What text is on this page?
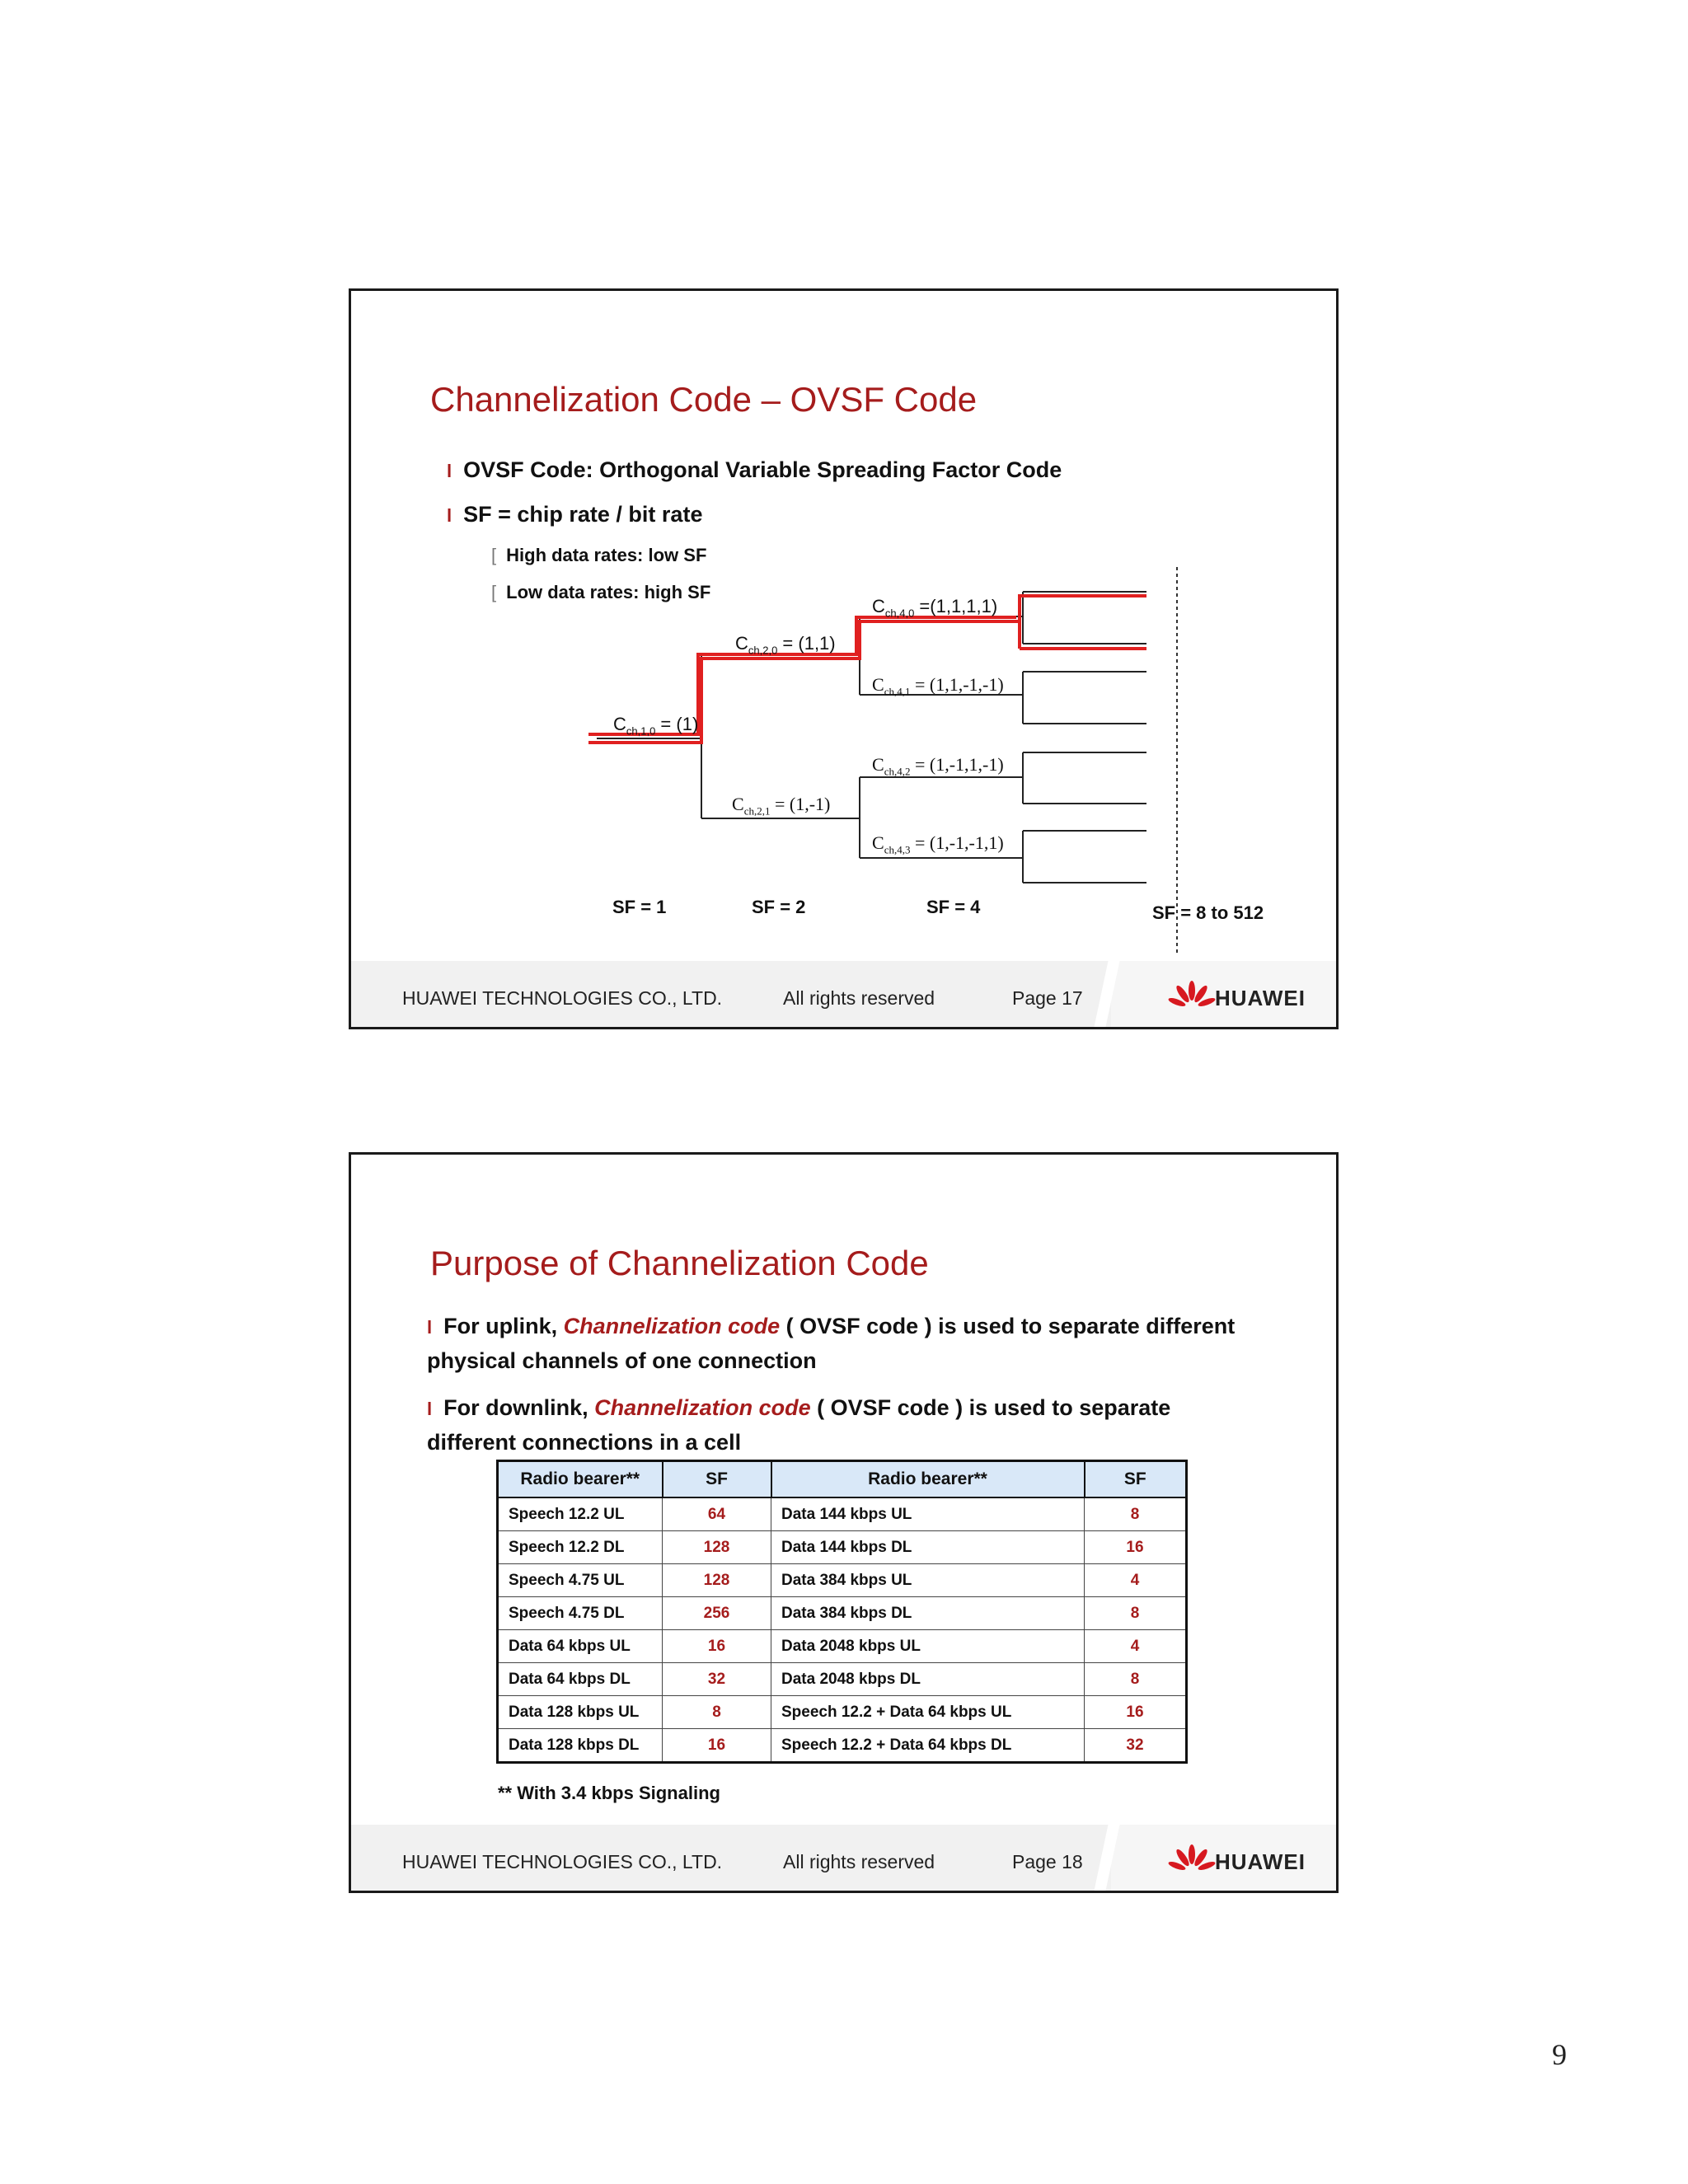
Channelization Code – OVSF Code
l OVSF Code: Orthogonal Variable Spreading Factor Code
l SF = chip rate / bit rate
[ High data rates: low SF
[ Low data rates: high SF
$C_{ch,1,0} = (1)$
$C_{ch,2,0} = (1,1)$
$C_{ch,2,1} = (1,-1)$
$C_{ch,4,0} =(1,1,1,1)$
$C_{ch,4,1} = (1,1,-1,-1)$
$C_{ch,4,2} = (1,-1,1,-1)$
$C_{ch,4,3} = (1,-1,-1,1)$
SF = 1	SF = 2	SF = 4	SF = 8 to 512
HUAWEI TECHNOLOGIES CO., LTD.	All rights reserved	Page 17	HUAWEI
Purpose of Channelization Code
l For uplink, Channelization code ( OVSF code ) is used to separate different physical channels of one connection
l For downlink, Channelization code ( OVSF code ) is used to separate different connections in a cell
Radio bearer**	SF	Radio bearer**	SF
Speech 12.2 UL	64	Data 144 kbps UL	8
Speech 12.2 DL	128	Data 144 kbps DL	16
Speech 4.75 UL	128	Data 384 kbps UL	4
Speech 4.75 DL	256	Data 384 kbps DL	8
Data 64 kbps UL	16	Data 2048 kbps UL	4
Data 64 kbps DL	32	Data 2048 kbps DL	8
Data 128 kbps UL	8	Speech 12.2 + Data 64 kbps UL	16
Data 128 kbps DL	16	Speech 12.2 + Data 64 kbps DL	32
** With 3.4 kbps Signaling
HUAWEI TECHNOLOGIES CO., LTD.	All rights reserved	Page 18	HUAWEI
9
